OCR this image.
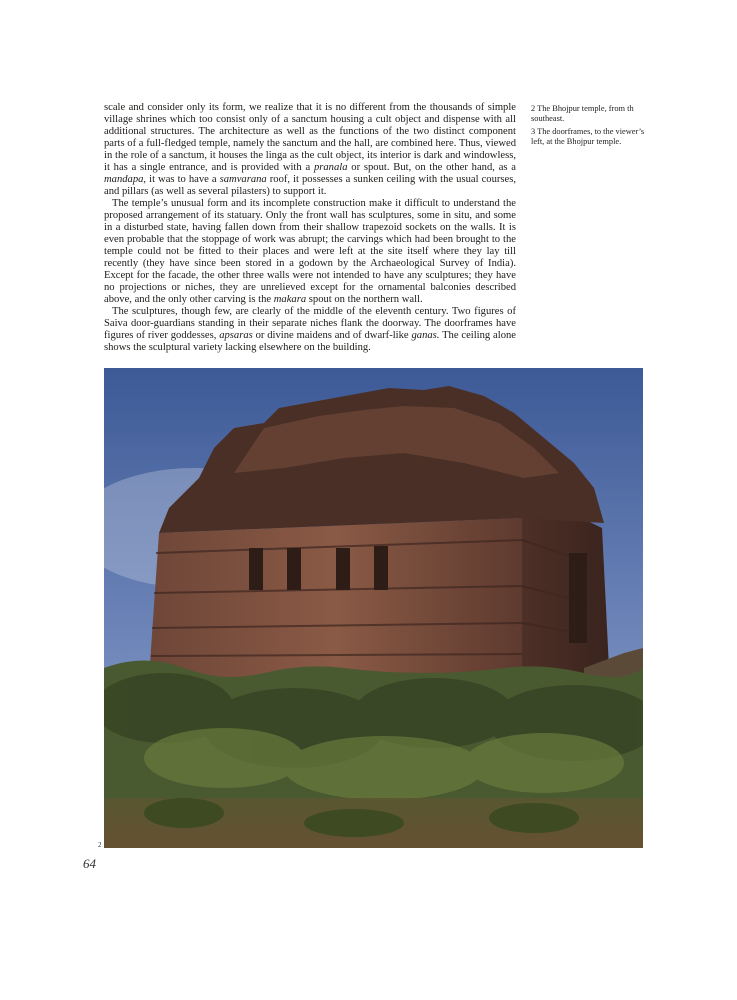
scale and consider only its form, we realize that it is no different from the thousands of simple village shrines which too consist only of a sanctum housing a cult object and dispense with all additional structures. The architecture as well as the functions of the two distinct component parts of a full-fledged temple, namely the sanctum and the hall, are combined here. Thus, viewed in the role of a sanctum, it houses the linga as the cult object, its interior is dark and windowless, it has a single entrance, and is provided with a pranala or spout. But, on the other hand, as a mandapa, it was to have a samvarana roof, it possesses a sunken ceiling with the usual courses, and pillars (as well as several pilasters) to support it.

The temple’s unusual form and its incomplete construction make it difficult to understand the proposed arrangement of its statuary. Only the front wall has sculptures, some in situ, and some in a disturbed state, having fallen down from their shallow trapezoid sockets on the walls. It is even probable that the stoppage of work was abrupt; the carvings which had been brought to the temple could not be fitted to their places and were left at the site itself where they lay till recently (they have since been stored in a godown by the Archaeological Survey of India). Except for the facade, the other three walls were not intended to have any sculptures; they have no projections or niches, they are unrelieved except for the ornamental balconies described above, and the only other carving is the makara spout on the northern wall.

The sculptures, though few, are clearly of the middle of the eleventh century. Two figures of Saiva door-guardians standing in their separate niches flank the doorway. The doorframes have figures of river goddesses, apsaras or divine maidens and of dwarf-like ganas. The ceiling alone shows the sculptural variety lacking elsewhere on the building.

2 The Bhojpur temple, from th southeast.

3 The doorframes, to the viewer’s left, at the Bhojpur temple.

2
64
